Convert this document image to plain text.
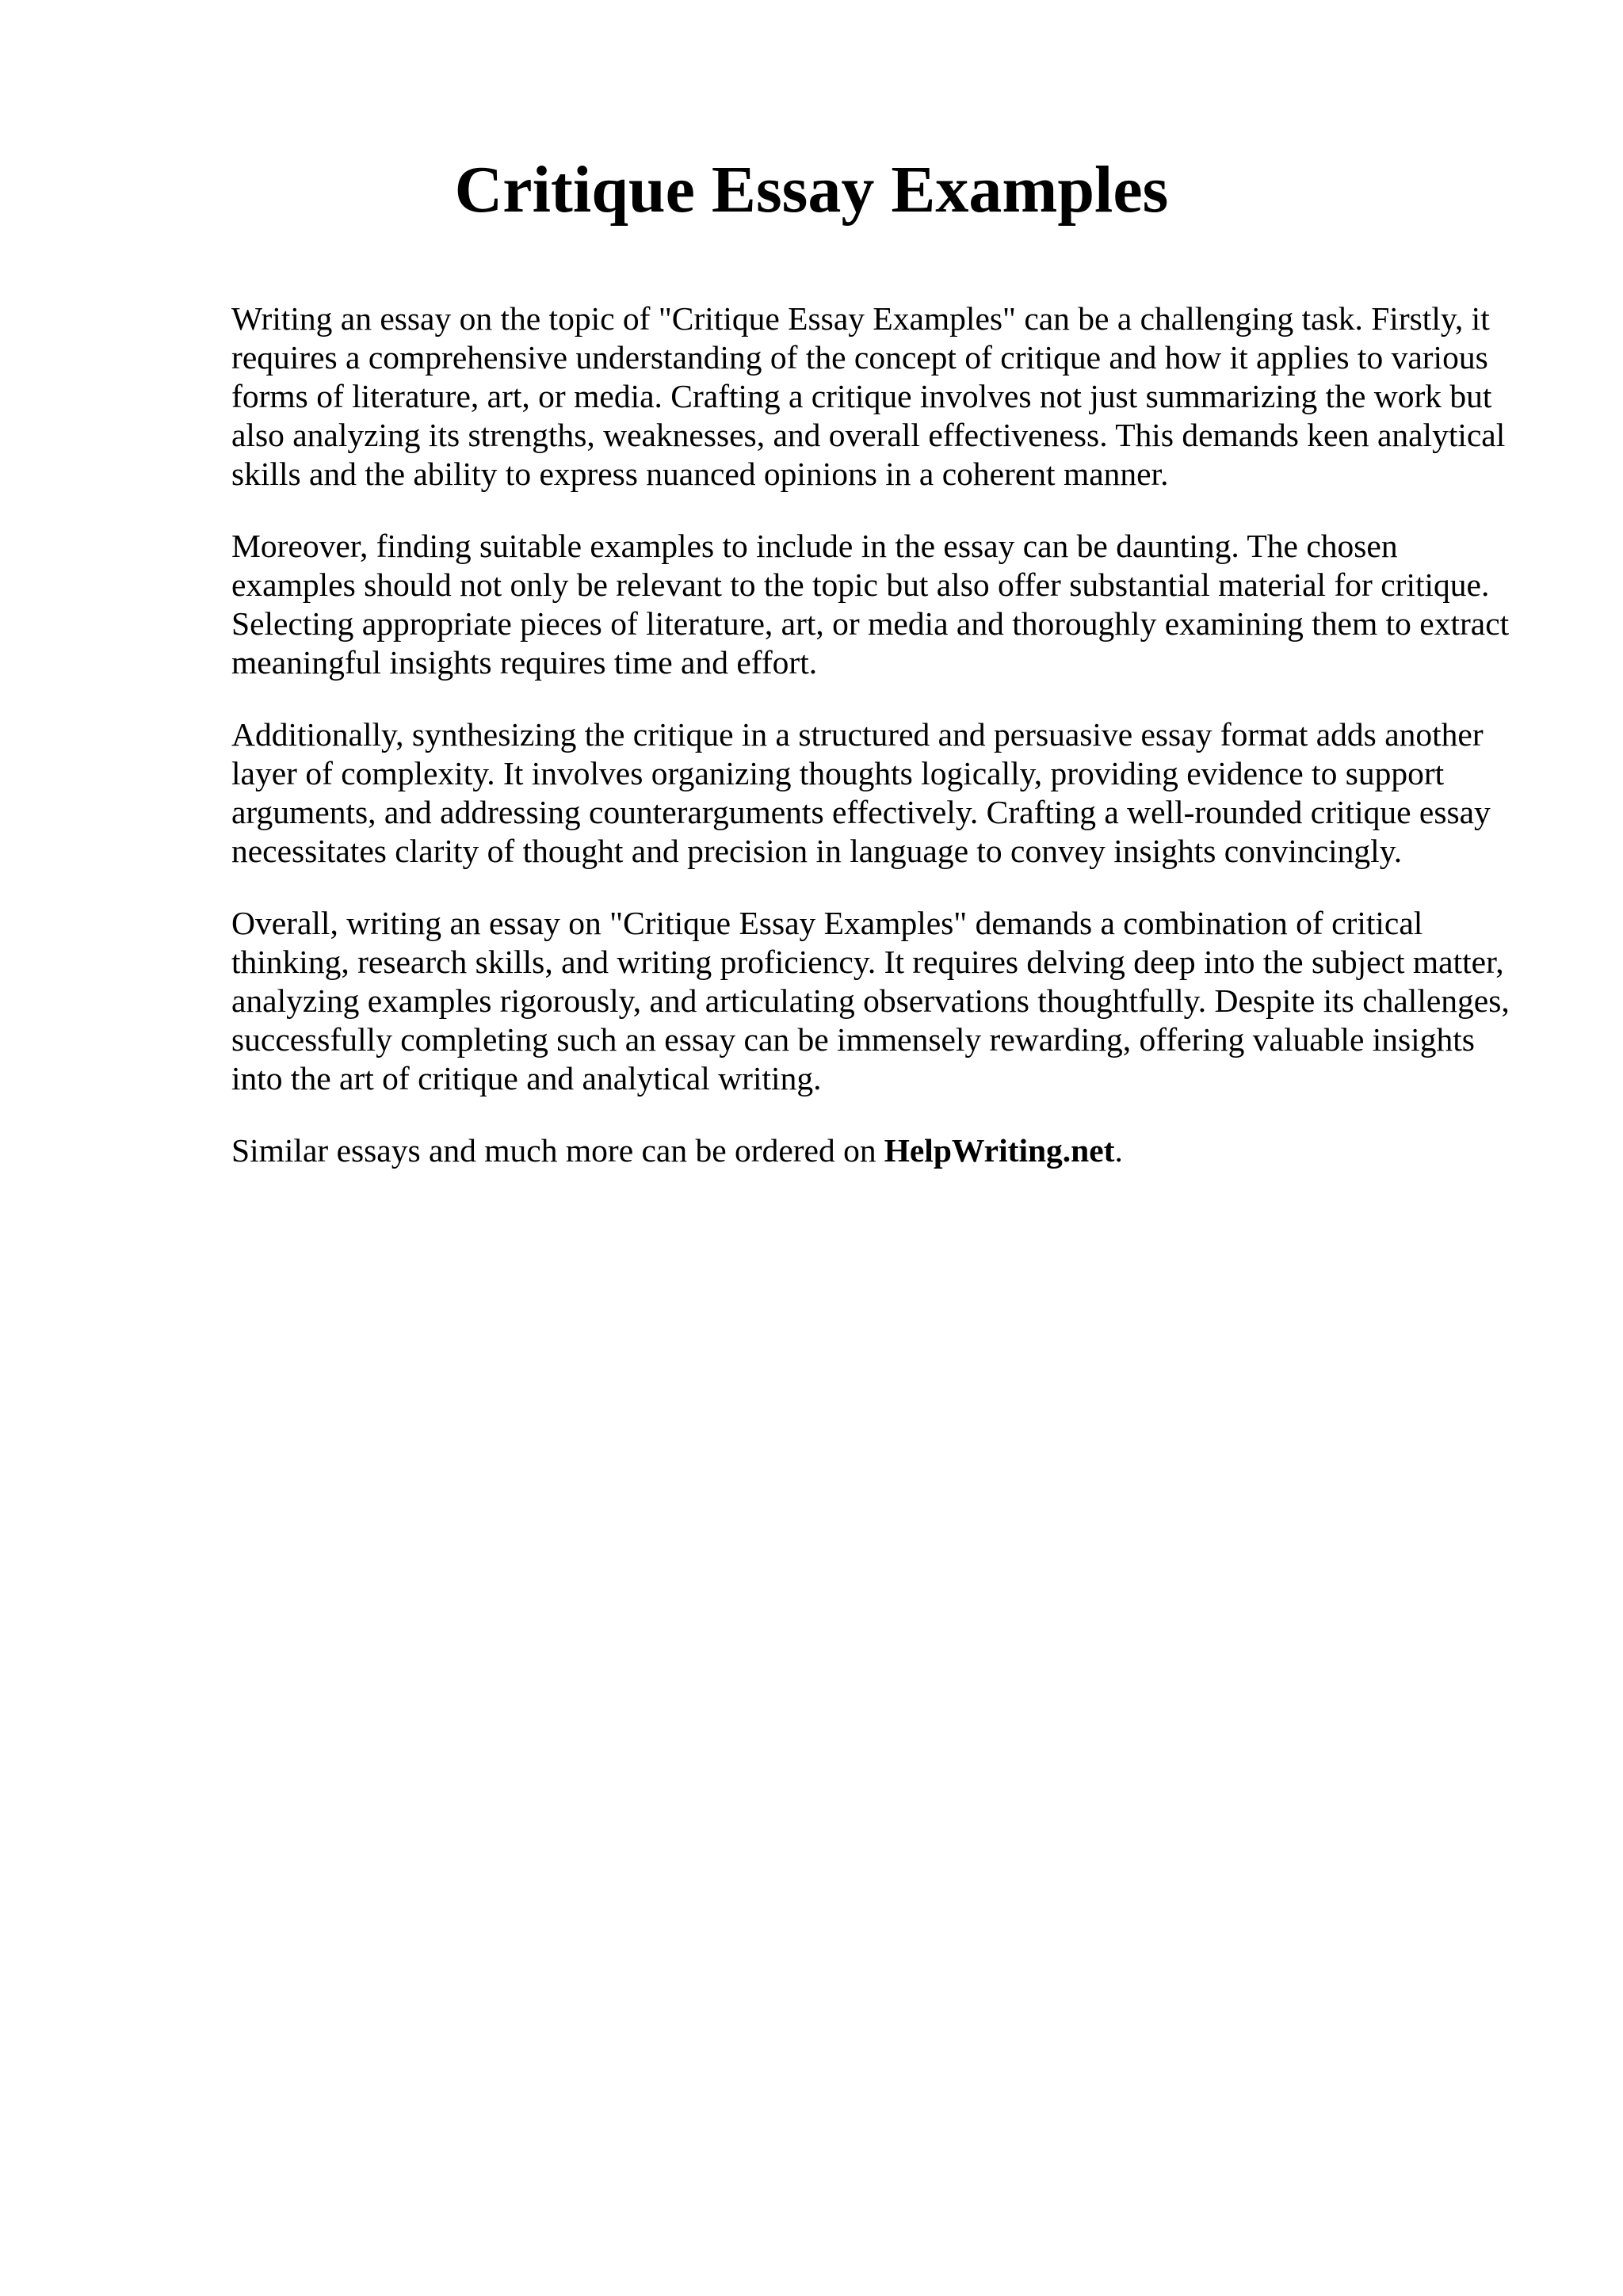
Critique Essay Examples

Writing an essay on the topic of "Critique Essay Examples" can be a challenging task. Firstly, it
requires a comprehensive understanding of the concept of critique and how it applies to various
forms of literature, art, or media. Crafting a critique involves not just summarizing the work but
also analyzing its strengths, weaknesses, and overall effectiveness. This demands keen analytical
skills and the ability to express nuanced opinions in a coherent manner.

Moreover, finding suitable examples to include in the essay can be daunting. The chosen
examples should not only be relevant to the topic but also offer substantial material for critique.
Selecting appropriate pieces of literature, art, or media and thoroughly examining them to extract
meaningful insights requires time and effort.

Additionally, synthesizing the critique in a structured and persuasive essay format adds another
layer of complexity. It involves organizing thoughts logically, providing evidence to support
arguments, and addressing counterarguments effectively. Crafting a well-rounded critique essay
necessitates clarity of thought and precision in language to convey insights convincingly.

Overall, writing an essay on "Critique Essay Examples" demands a combination of critical
thinking, research skills, and writing proficiency. It requires delving deep into the subject matter,
analyzing examples rigorously, and articulating observations thoughtfully. Despite its challenges,
successfully completing such an essay can be immensely rewarding, offering valuable insights
into the art of critique and analytical writing.

Similar essays and much more can be ordered on HelpWriting.net.
